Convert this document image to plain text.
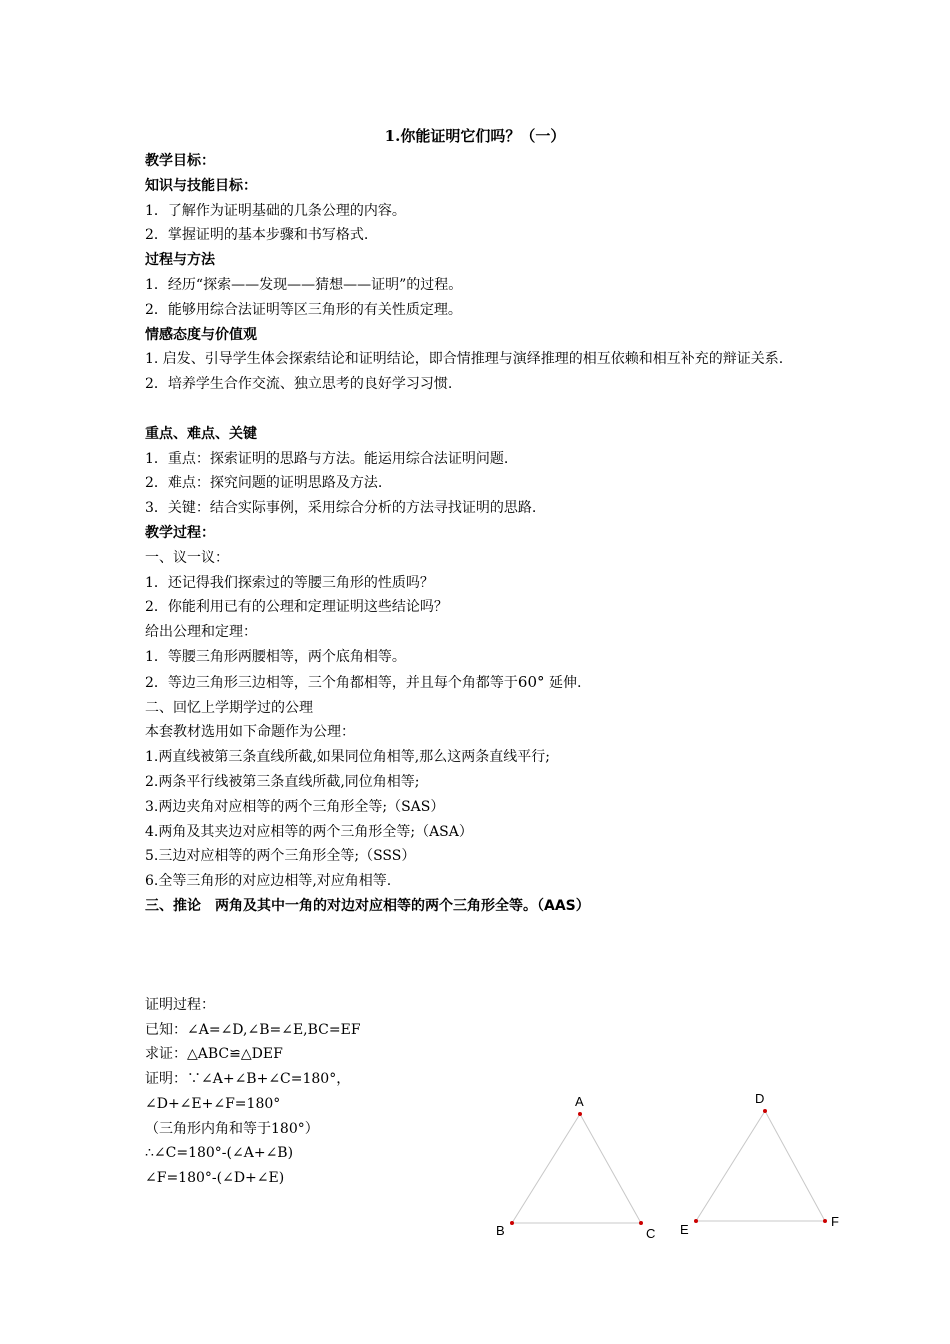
1.你能证明它们吗？（一）
教学目标：
知识与技能目标：
1．了解作为证明基础的几条公理的内容。
2．掌握证明的基本步骤和书写格式.
过程与方法
1．经历“探索——发现——猜想——证明”的过程。
2．能够用综合法证明等区三角形的有关性质定理。
情感态度与价值观
1. 启发、引导学生体会探索结论和证明结论，即合情推理与演绎推理的相互依赖和相互补充的辩证关系.
2．培养学生合作交流、独立思考的良好学习习惯.
重点、难点、关键
1．重点：探索证明的思路与方法。能运用综合法证明问题.
2．难点：探究问题的证明思路及方法.
3．关键：结合实际事例，采用综合分析的方法寻找证明的思路.
教学过程：
一、议一议：
1．还记得我们探索过的等腰三角形的性质吗？
2．你能利用已有的公理和定理证明这些结论吗？
给出公理和定理：
1．等腰三角形两腰相等，两个底角相等。
2．等边三角形三边相等，三个角都相等，并且每个角都等于60° 延伸.
二、回忆上学期学过的公理
本套教材选用如下命题作为公理：
1.两直线被第三条直线所截,如果同位角相等,那么这两条直线平行;
2.两条平行线被第三条直线所截,同位角相等;
3.两边夹角对应相等的两个三角形全等;（SAS）
4.两角及其夹边对应相等的两个三角形全等;（ASA）
5.三边对应相等的两个三角形全等;（SSS）
6.全等三角形的对应边相等,对应角相等.
三、推论　两角及其中一角的对边对应相等的两个三角形全等。（AAS）
证明过程：
已知：∠A=∠D,∠B=∠E,BC=EF
求证：△ABC≌△DEF
证明：∵∠A+∠B+∠C=180°，
∠D+∠E+∠F=180°
（三角形内角和等于180°）
∴∠C=180°-(∠A+∠B)
∠F=180°-(∠D+∠E)
A
B	C
D
E
F
